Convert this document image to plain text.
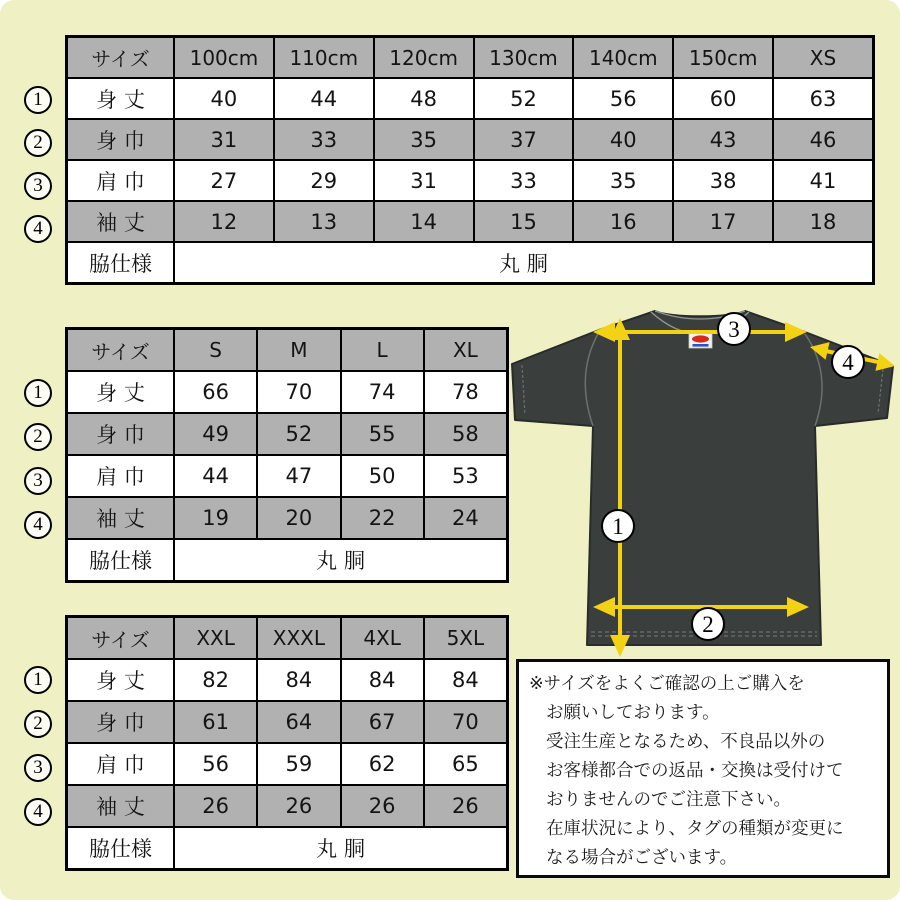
1
2
3
4
1
2
3
4
1
2
3
4
サイズ	100cm	110cm	120cm	130cm	140cm	150cm	XS
身 丈	40	44	48	52	56	60	63
身 巾	31	33	35	37	40	43	46
肩 巾	27	29	31	33	35	38	41
袖 丈	12	13	14	15	16	17	18
脇仕様	丸 胴						
サイズ	S	M	L	XL
身 丈	66	70	74	78
身 巾	49	52	55	58
肩 巾	44	47	50	53
袖 丈	19	20	22	24
脇仕様	丸 胴			
サイズ	XXL	XXXL	4XL	5XL
身 丈	82	84	84	84
身 巾	61	64	67	70
肩 巾	56	59	62	65
袖 丈	26	26	26	26
脇仕様	丸 胴			
1
2
3
4
※サイズをよくご確認の上ご購入を
お願いしております。
受注生産となるため、不良品以外の
お客様都合での返品・交換は受付けて
おりませんのでご注意下さい。
在庫状況により、タグの種類が変更に
なる場合がございます。
